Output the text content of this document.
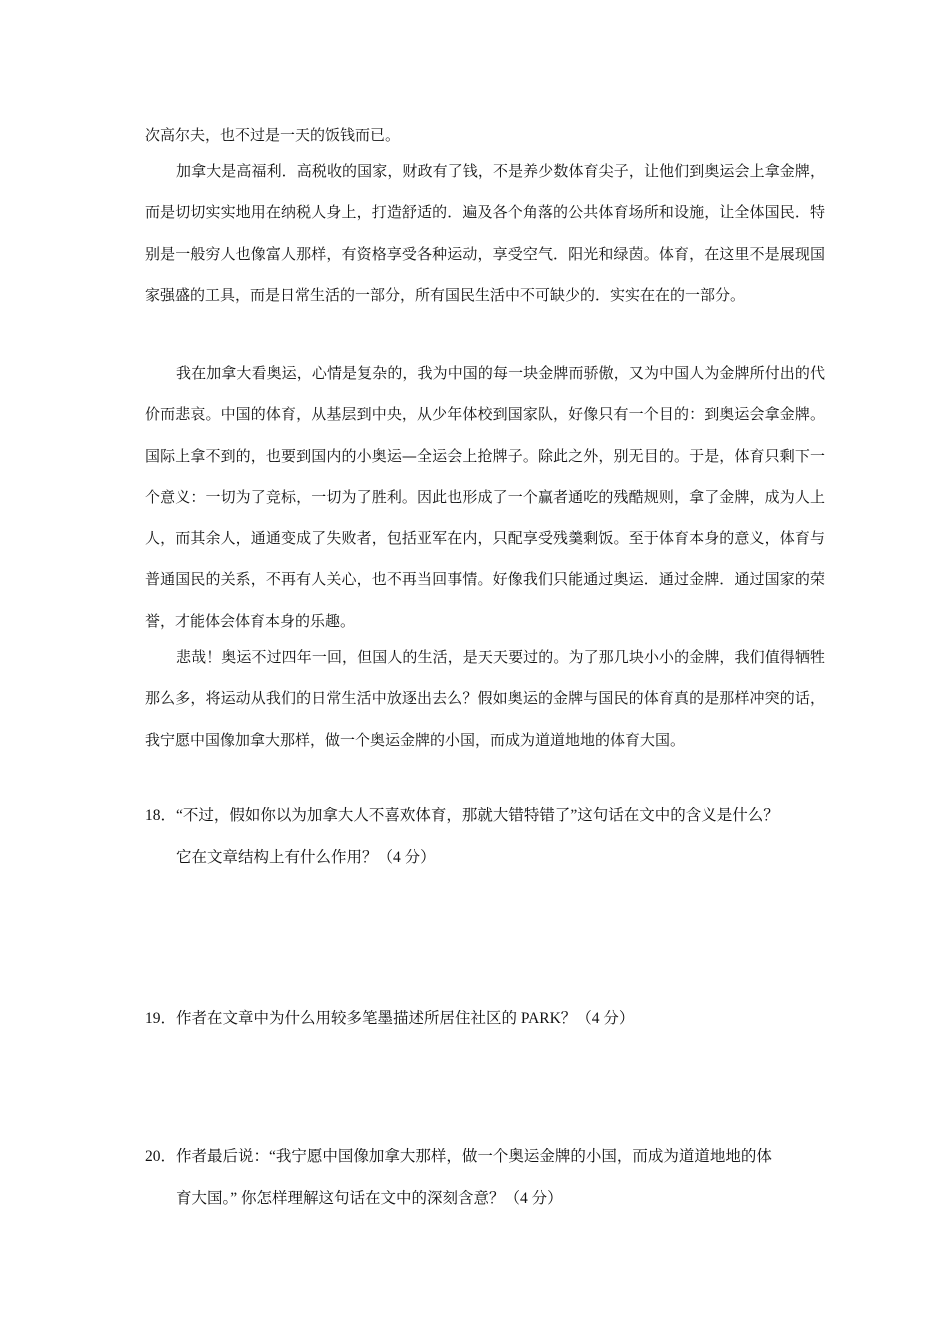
次高尔夫，也不过是一天的饭钱而已。

加拿大是高福利．高税收的国家，财政有了钱，不是养少数体育尖子，让他们到奥运会上拿金牌，而是切切实实地用在纳税人身上，打造舒适的．遍及各个角落的公共体育场所和设施，让全体国民．特别是一般穷人也像富人那样，有资格享受各种运动，享受空气．阳光和绿茵。体育，在这里不是展现国家强盛的工具，而是日常生活的一部分，所有国民生活中不可缺少的．实实在在的一部分。

我在加拿大看奥运，心情是复杂的，我为中国的每一块金牌而骄傲，又为中国人为金牌所付出的代价而悲哀。中国的体育，从基层到中央，从少年体校到国家队，好像只有一个目的：到奥运会拿金牌。国际上拿不到的，也要到国内的小奥运—全运会上抢牌子。除此之外，别无目的。于是，体育只剩下一个意义：一切为了竞标，一切为了胜利。因此也形成了一个赢者通吃的残酷规则，拿了金牌，成为人上人，而其余人，通通变成了失败者，包括亚军在内，只配享受残羹剩饭。至于体育本身的意义，体育与普通国民的关系，不再有人关心，也不再当回事情。好像我们只能通过奥运．通过金牌．通过国家的荣誉，才能体会体育本身的乐趣。

悲哉！奥运不过四年一回，但国人的生活，是天天要过的。为了那几块小小的金牌，我们值得牺牲那么多，将运动从我们的日常生活中放逐出去么？假如奥运的金牌与国民的体育真的是那样冲突的话，我宁愿中国像加拿大那样，做一个奥运金牌的小国，而成为道道地地的体育大国。

18．“不过，假如你以为加拿大人不喜欢体育，那就大错特错了”这句话在文中的含义是什么？
它在文章结构上有什么作用？（4 分）
19．作者在文章中为什么用较多笔墨描述所居住社区的 PARK？（4 分）
20．作者最后说：“我宁愿中国像加拿大那样，做一个奥运金牌的小国，而成为道道地地的体
育大国。” 你怎样理解这句话在文中的深刻含意？（4 分）
